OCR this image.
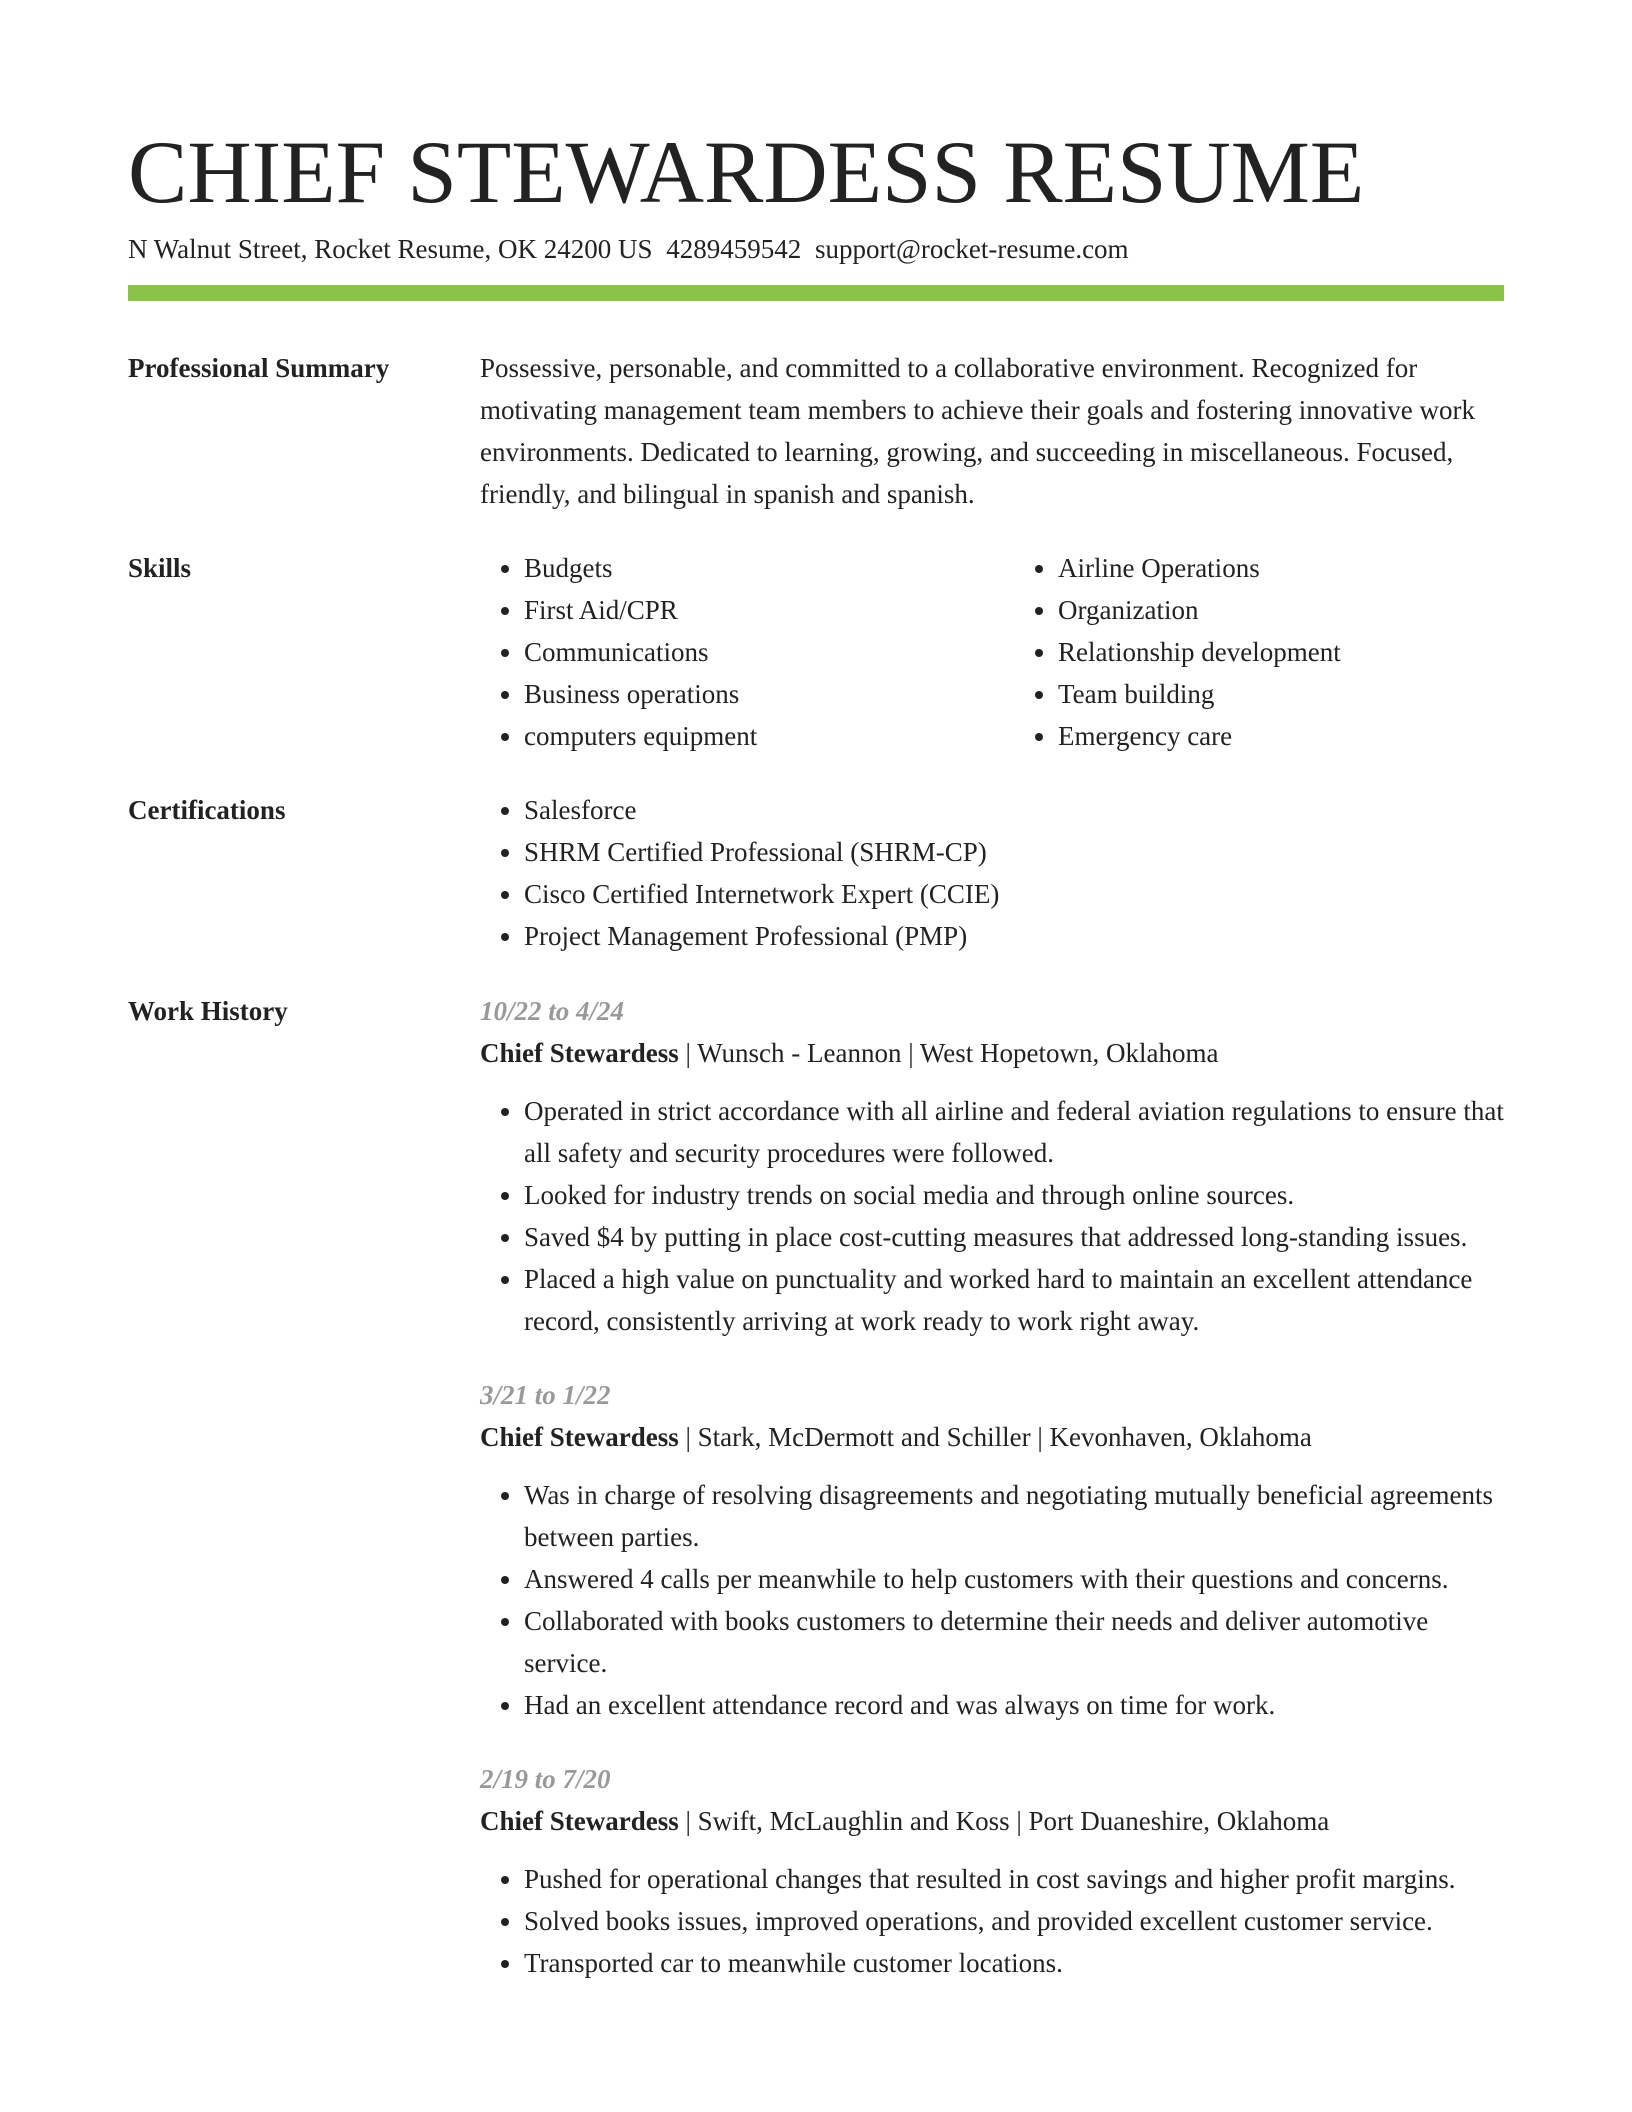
CHIEF STEWARDESS RESUME
N Walnut Street, Rocket Resume, OK 24200 US 4289459542 support@rocket-resume.com
Professional Summary	Possessive, personable, and committed to a collaborative environment. Recognized for motivating management team members to achieve their goals and fostering innovative work environments. Dedicated to learning, growing, and succeeding in miscellaneous. Focused, friendly, and bilingual in spanish and spanish.

Skills	• Budgets
• First Aid/CPR
• Communications
• Business operations
• computers equipment
• Airline Operations
• Organization
• Relationship development
• Team building
• Emergency care
Certifications	• Salesforce
• SHRM Certified Professional (SHRM-CP)
• Cisco Certified Internetwork Expert (CCIE)
• Project Management Professional (PMP)
Work History	10/22 to 4/24
Chief Stewardess | Wunsch - Leannon | West Hopetown, Oklahoma
• Operated in strict accordance with all airline and federal aviation regulations to ensure that all safety and security procedures were followed.
• Looked for industry trends on social media and through online sources.
• Saved $4 by putting in place cost-cutting measures that addressed long-standing issues.
• Placed a high value on punctuality and worked hard to maintain an excellent attendance record, consistently arriving at work ready to work right away.
3/21 to 1/22
Chief Stewardess | Stark, McDermott and Schiller | Kevonhaven, Oklahoma
• Was in charge of resolving disagreements and negotiating mutually beneficial agreements between parties.
• Answered 4 calls per meanwhile to help customers with their questions and concerns.
• Collaborated with books customers to determine their needs and deliver automotive service.
• Had an excellent attendance record and was always on time for work.
2/19 to 7/20
Chief Stewardess | Swift, McLaughlin and Koss | Port Duaneshire, Oklahoma
• Pushed for operational changes that resulted in cost savings and higher profit margins.
• Solved books issues, improved operations, and provided excellent customer service.
• Transported car to meanwhile customer locations.
